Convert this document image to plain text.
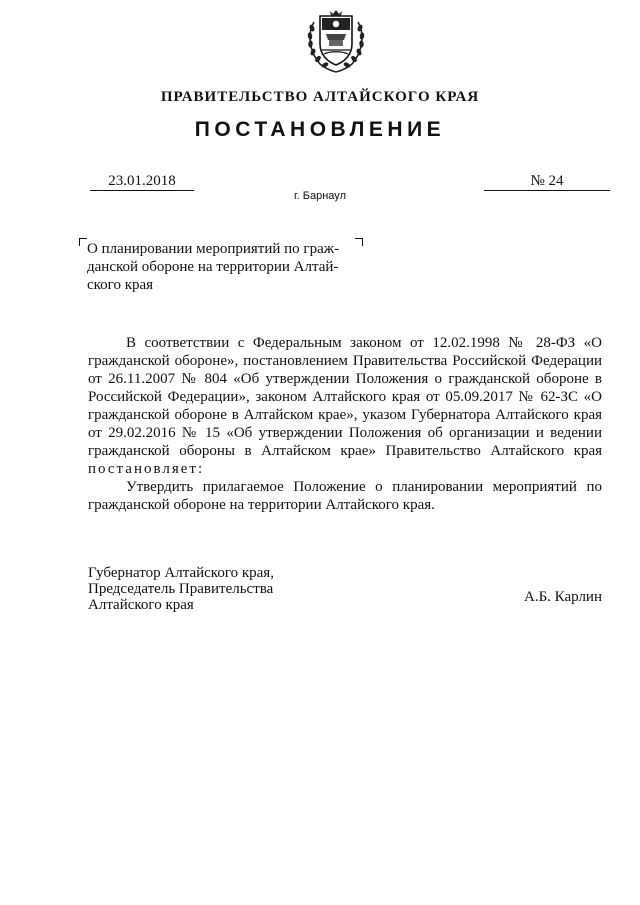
ПРАВИТЕЛЬСТВО АЛТАЙСКОГО КРАЯ
ПОСТАНОВЛЕНИЕ
23.01.2018	№ 24
г. Барнаул
О планировании мероприятий по граж-
данской обороне на территории Алтай-
ского края

В соответствии с Федеральным законом от 12.02.1998 № 28-ФЗ «О гражданской обороне», постановлением Правительства Российской Федерации от 26.11.2007 № 804 «Об утверждении Положения о гражданской обороне в Российской Федерации», законом Алтайского края от 05.09.2017 № 62-ЗС «О гражданской обороне в Алтайском крае», указом Губернатора Алтайского края от 29.02.2016 № 15 «Об утверждении Положения об организации и ведении гражданской обороны в Алтайском крае» Правительство Алтайского края постановляет:

Утвердить прилагаемое Положение о планировании мероприятий по гражданской обороне на территории Алтайского края.

Губернатор Алтайского края,
Председатель Правительства
Алтайского края	А.Б. Карлин
